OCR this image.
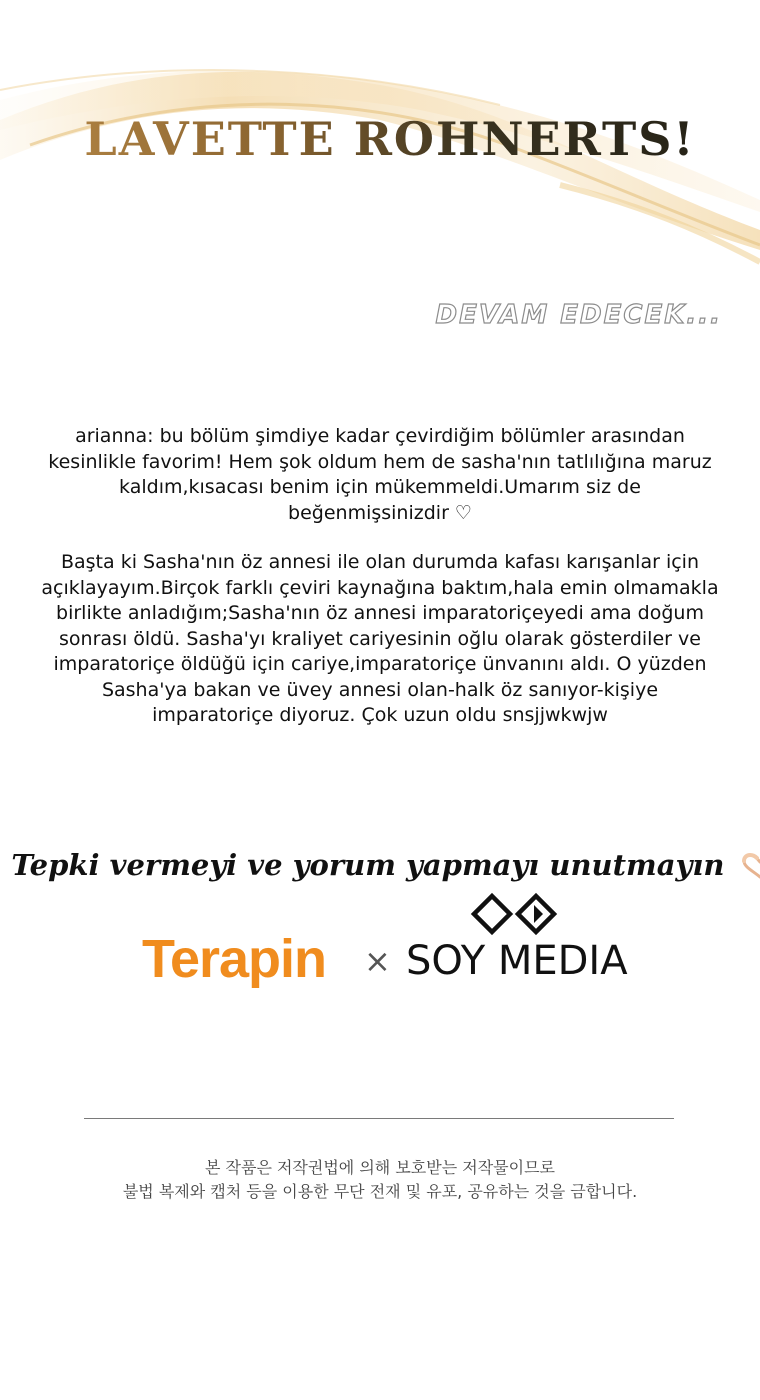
LAVETTE ROHNERTS!
DEVAM EDECEK...

arianna: bu bölüm şimdiye kadar çevirdiğim bölümler arasından kesinlikle favorim! Hem şok oldum hem de sasha'nın tatlılığına maruz kaldım,kısacası benim için mükemmeldi.Umarım siz de beğenmişsinizdir ♡

Başta ki Sasha'nın öz annesi ile olan durumda kafası karışanlar için açıklayayım.Birçok farklı çeviri kaynağına baktım,hala emin olmamakla birlikte anladığım;Sasha'nın öz annesi imparatoriçeyedi ama doğum sonrası öldü. Sasha'yı kraliyet cariyesinin oğlu olarak gösterdiler ve imparatoriçe öldüğü için cariye,imparatoriçe ünvanını aldı. O yüzden Sasha'ya bakan ve üvey annesi olan-halk öz sanıyor-kişiye imparatoriçe diyoruz. Çok uzun oldu snsjjwkwjw

Tepki vermeyi ve yorum yapmayı unutmayın
Terapin × SOY MEDIA

본 작품은 저작권법에 의해 보호받는 저작물이므로
불법 복제와 캡처 등을 이용한 무단 전재 및 유포, 공유하는 것을 금합니다.
